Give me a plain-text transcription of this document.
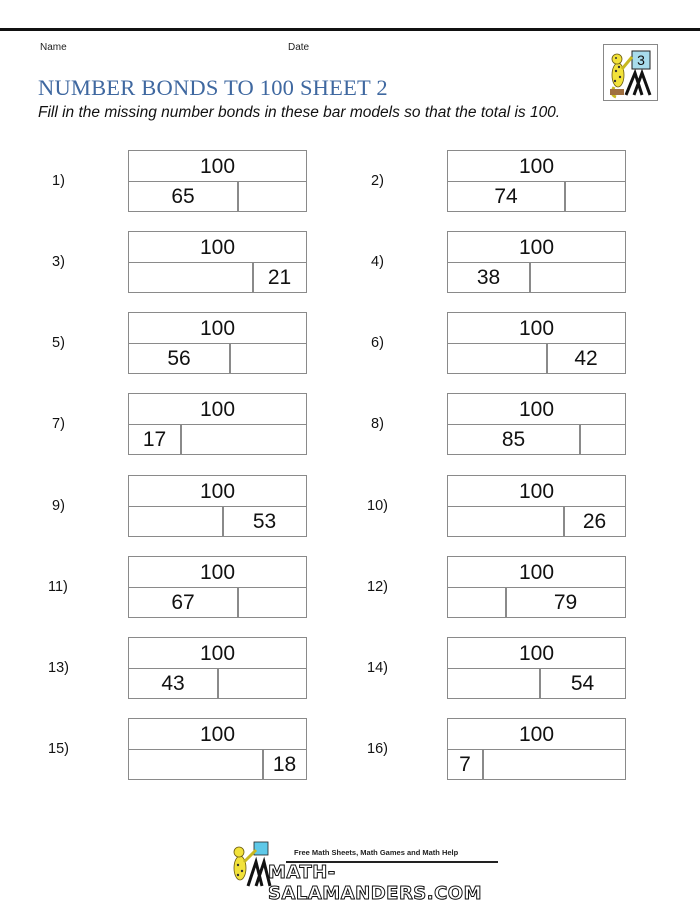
Name	Date
NUMBER BONDS TO 100 SHEET 2
Fill in the missing number bonds in these bar models so that the total is 100.
3
1)
100
65
2)
100
74
3)
100
21
4)
100
38
5)
100
56
6)
100
42
7)
100
17
8)
100
85
9)
100
53
10)
100
26
11)
100
67
12)
100
79
13)
100
43
14)
100
54
15)
100
18
16)
100
7
Free Math Sheets, Math Games and Math Help
MATH-SALAMANDERS.COM
